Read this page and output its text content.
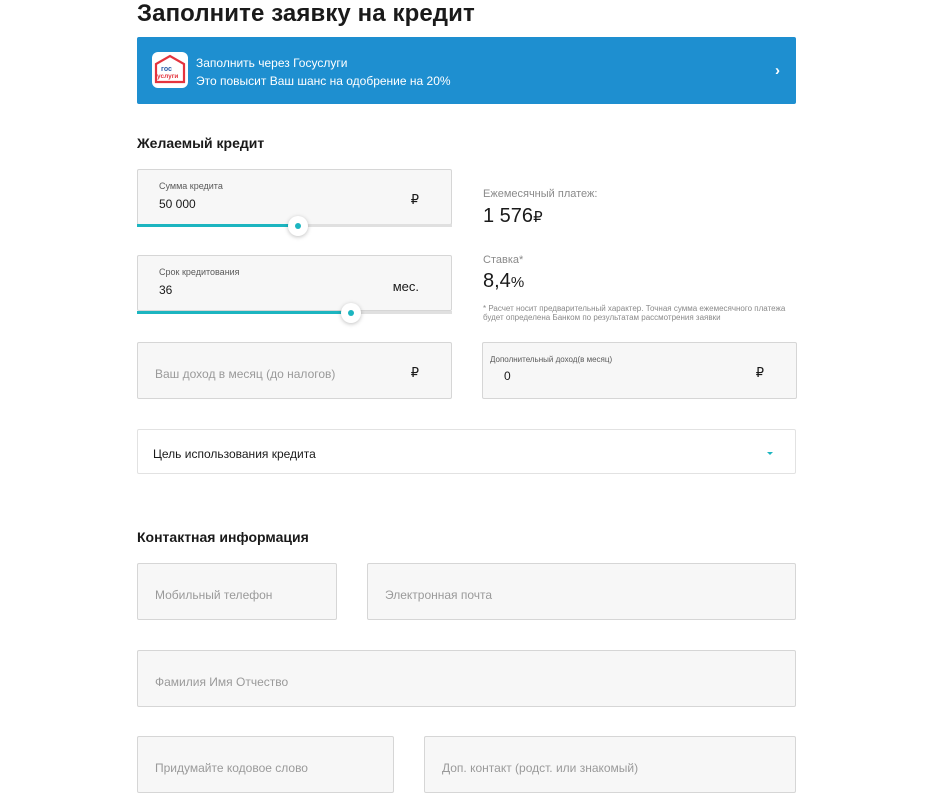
Заполните заявку на кредит
гос
услуги
Заполнить через Госуслуги
Это повысит Ваш шанс на одобрение на 20%
›
Желаемый кредит
Сумма кредита
50 000	₽
Срок кредитования
36	мес.
Ежемесячный платеж:
1 576₽
Ставка*
8,4%
* Расчет носит предварительный характер. Точная сумма ежемесячного платежа будет определена Банком по результатам рассмотрения заявки
Ваш доход в месяц (до налогов)	₽
Дополнительный доход(в месяц)
0	₽
Цель использования кредита
Контактная информация
Мобильный телефон	Электронная почта
Фамилия Имя Отчество
Придумайте кодовое слово	Доп. контакт (родст. или знакомый)
